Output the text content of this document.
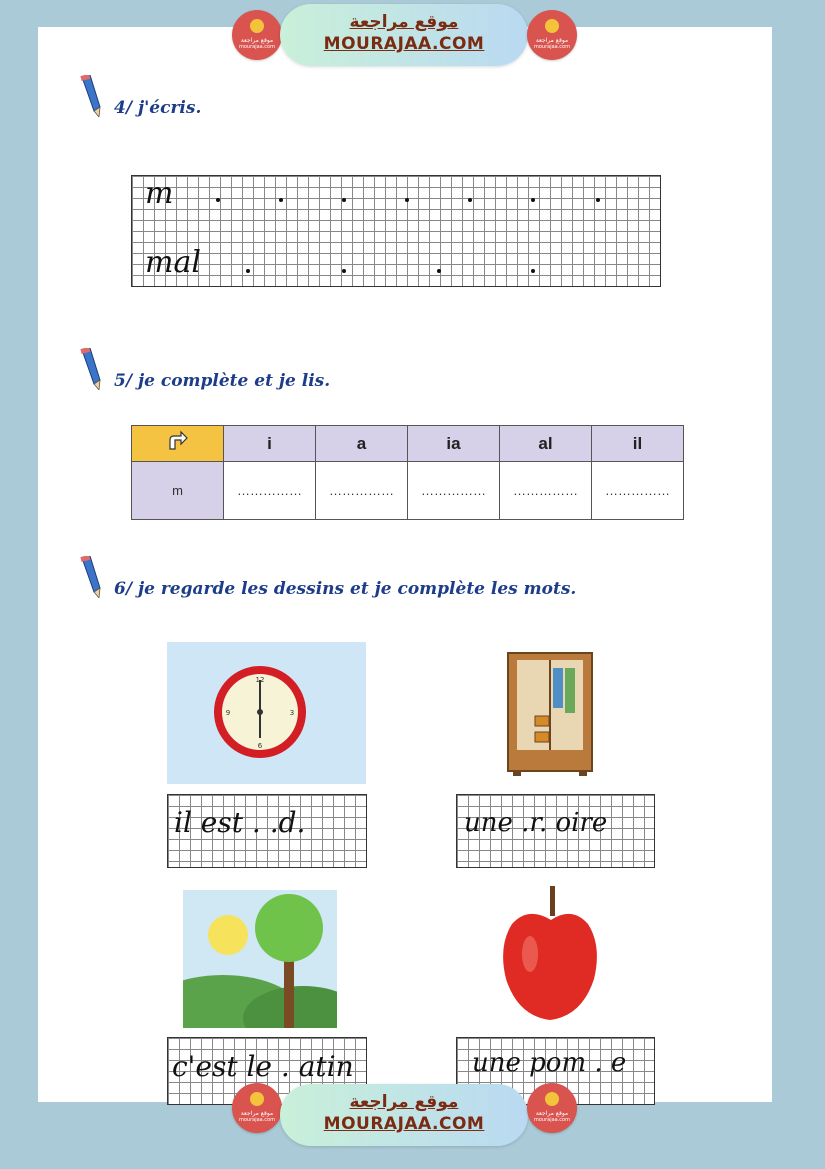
موقع مراجعة
mourajaa.com
موقع مراجعة
MOURAJAA.COM	موقع مراجعة
mourajaa.com
4/ j'écris.
m
mal
5/ je complète et je lis.
	i	a	ia	al	il
m	……………	……………	……………	……………	……………
6/ je regarde les dessins et je complète les mots.
12
3
6
9
il est . .d.	une .r. oire
c'est le . atin	une pom . e
موقع مراجعة
mourajaa.com
موقع مراجعة
MOURAJAA.COM
موقع مراجعة
mourajaa.com
